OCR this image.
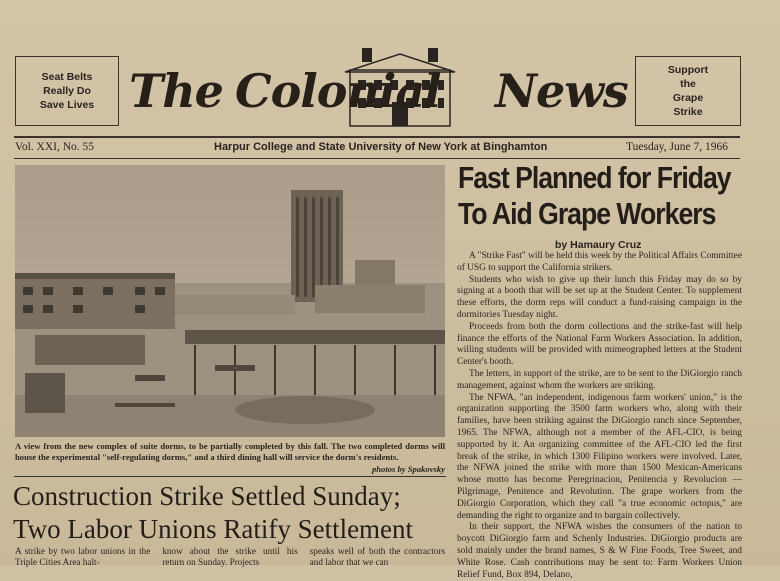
Seat Belts
Really Do
Save Lives The Colonial News	Support
the
Grape
Strike
Vol. XXI, No. 55	Harpur College and State University of New York at Binghamton	Tuesday, June 7, 1966
A view from the new complex of suite dorms, to be partially completed by this fall. The two completed dorms will house the experimental "self-regulating dorms," and a third dining hall will service the dorm's residents.
photos by Spakovsky
Fast Planned for Friday
To Aid Grape Workers
by Hamaury Cruz

A "Strike Fast" will be held this week by the Political Affairs Committee of USG to support the California strikers.

Students who wish to give up their lunch this Friday may do so by signing at a booth that will be set up at the Student Center. To supplement these efforts, the dorm reps will conduct a fund-raising campaign in the dormitories Tuesday night.

Proceeds from both the dorm collections and the strike-fast will help finance the efforts of the National Farm Workers Association. In addition, willing students will be provided with mimeographed letters at the Student Center's booth.

The letters, in support of the strike, are to be sent to the DiGiorgio ranch management, against whom the workers are striking.

The NFWA, "an independent, indigenous farm workers' union," is the organization supporting the 3500 farm workers who, along with their families, have been striking against the DiGiorgio ranch since September, 1965. The NFWA, although not a member of the AFL-CIO, is being supported by it. An organizing committee of the AFL-CIO led the first break of the strike, in which 1300 Filipino workers were involved. Later, the NFWA joined the strike with more than 1500 Mexican-Americans whose motto has become Peregrinacion, Penitencia y Revolucion — Pilgrimage, Penitence and Revolution. The grape workers from the DiGiorgio Corporation, which they call "a true economic octopus," are demanding the right to organize and to bargain collectively.

In their support, the NFWA wishes the consumers of the nation to boycott DiGiorgio farm and Schenly Industries. DiGiorgio products are sold mainly under the brand names, S & W Fine Foods, Tree Sweet, and White Rose. Cash contributions may be sent to: Farm Workers Union Relief Fund, Box 894, Delano,

Construction Strike Settled Sunday;
Two Labor Unions Ratify Settlement
A strike by two labor unions in the Triple Cities Area halt-
know about the strike until his return on Sunday. Projects
speaks well of both the contractors and labor that we can
